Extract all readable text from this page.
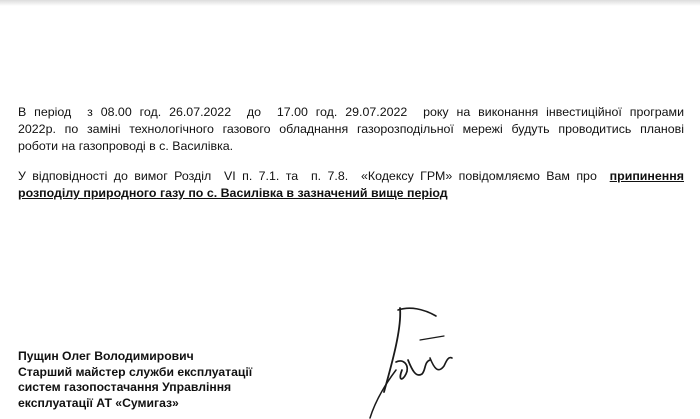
В період  з 08.00 год. 26.07.2022  до  17.00 год. 29.07.2022  року на виконання інвестиційної програми
2022р. по заміні технологічного газового обладнання газорозподільної мережі будуть проводитись планові
роботи на газопроводі в с. Василівка.
У відповідності до вимог Розділ  VI п. 7.1. та  п. 7.8.  «Кодексу ГРМ» повідомляємо Вам про припинення
розподілу природного газу по с. Василівка в зазначений вище період
Пущин Олег Володимирович
Старший майстер служби експлуатації
систем газопостачання Управління
експлуатації АТ «Сумигаз»
